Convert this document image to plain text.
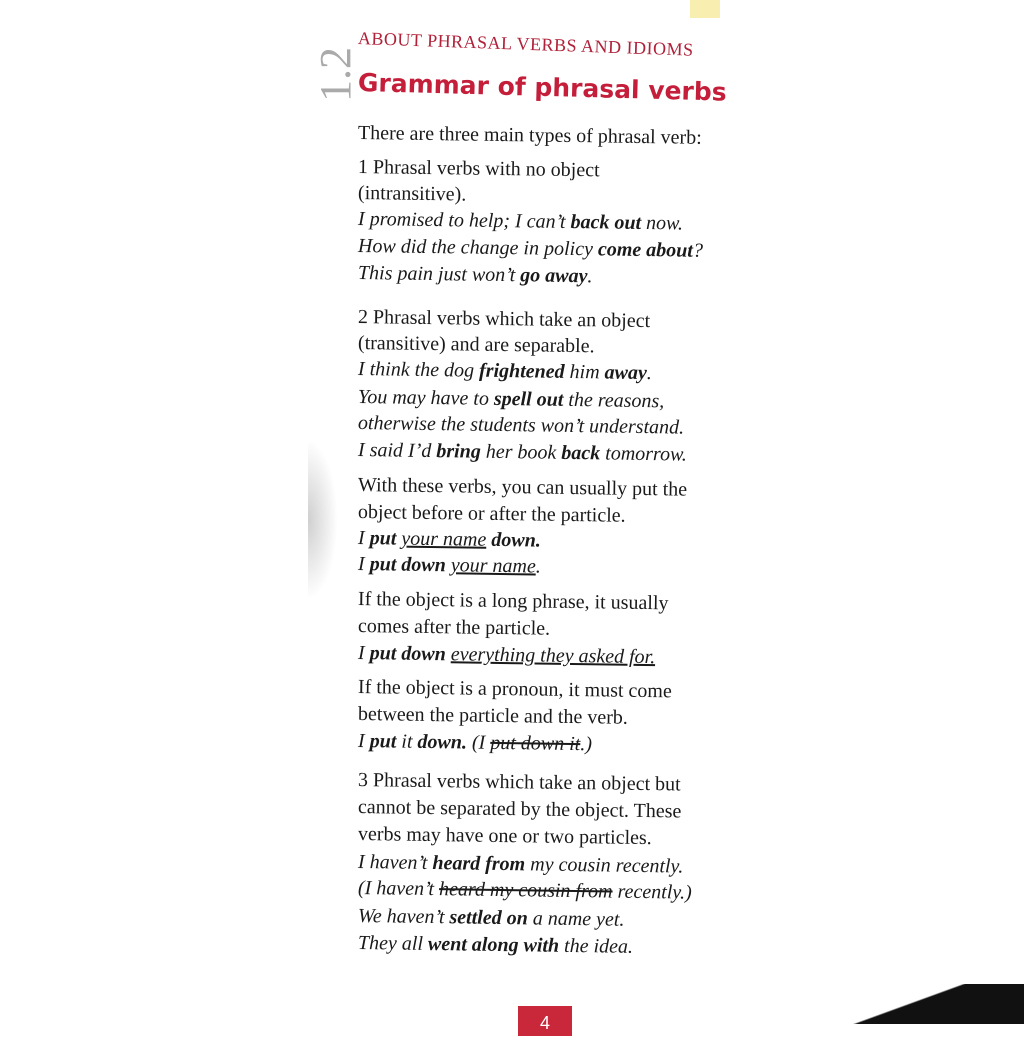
1.2
ABOUT PHRASAL VERBS AND IDIOMS
Grammar of phrasal verbs
There are three main types of phrasal verb:
1 Phrasal verbs with no object
(intransitive).
I promised to help; I can’t back out now.
How did the change in policy come about?
This pain just won’t go away.
2 Phrasal verbs which take an object
(transitive) and are separable.
I think the dog frightened him away.
You may have to spell out the reasons,
otherwise the students won’t understand.
I said I’d bring her book back tomorrow.
With these verbs, you can usually put the
object before or after the particle.
I put your name down.
I put down your name.
If the object is a long phrase, it usually
comes after the particle.
I put down everything they asked for.
If the object is a pronoun, it must come
between the particle and the verb.
I put it down. (I put down it.)
3 Phrasal verbs which take an object but
cannot be separated by the object. These
verbs may have one or two particles.
I haven’t heard from my cousin recently.
(I haven’t heard my cousin from recently.)
We haven’t settled on a name yet.
They all went along with the idea.
4
